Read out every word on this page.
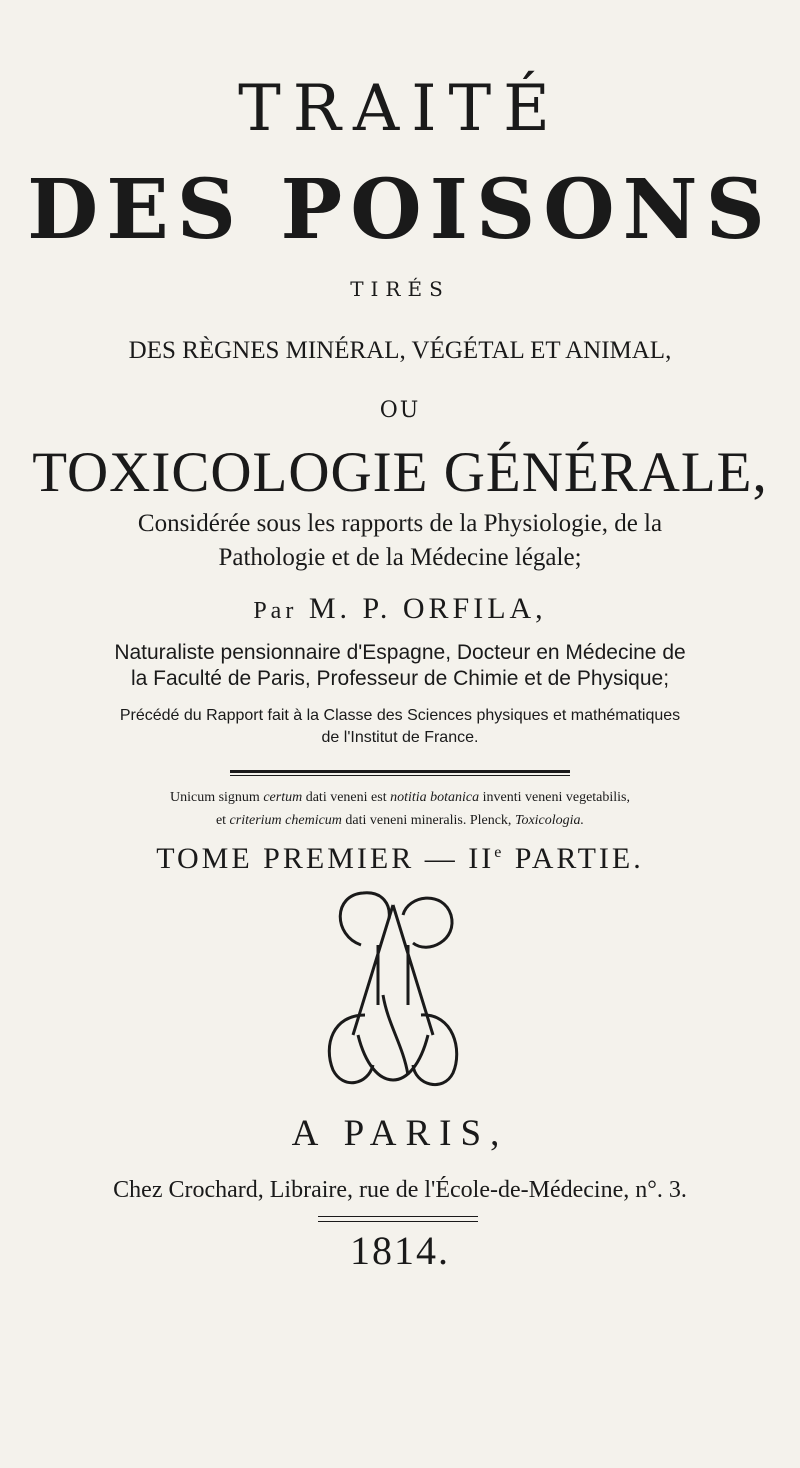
TRAITÉ
DES POISONS
TIRÉS
DES RÈGNES MINÉRAL, VÉGÉTAL ET ANIMAL,
OU
TOXICOLOGIE GÉNÉRALE,
Considérée sous les rapports de la Physiologie, de la
Pathologie et de la Médecine légale;
Par M. P. ORFILA,
Naturaliste pensionnaire d'Espagne, Docteur en Médecine de
la Faculté de Paris, Professeur de Chimie et de Physique;
Précédé du Rapport fait à la Classe des Sciences physiques et mathématiques
de l'Institut de France.
Unicum signum certum dati veneni est notitia botanica inventi veneni vegetabilis,
et criterium chemicum dati veneni mineralis. Plenck, Toxicologia.
TOME PREMIER — IIe PARTIE.
A PARIS,
Chez Crochard, Libraire, rue de l'École-de-Médecine, n°. 3.
1814.
